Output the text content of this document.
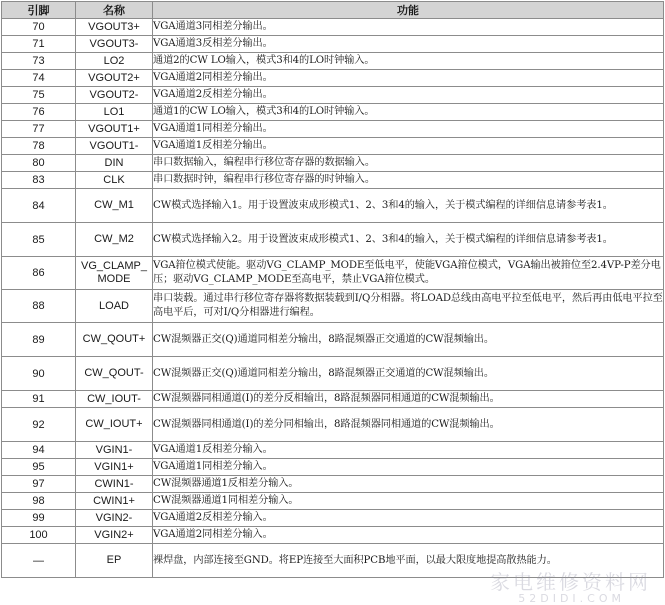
引脚	名称	功能
70	VGOUT3+	VGA通道3同相差分输出。
71	VGOUT3-	VGA通道3反相差分输出。
73	LO2	通道2的CW LO输入，模式3和4的LO时钟输入。
74	VGOUT2+	VGA通道2同相差分输出。
75	VGOUT2-	VGA通道2反相差分输出。
76	LO1	通道1的CW LO输入，模式3和4的LO时钟输入。
77	VGOUT1+	VGA通道1同相差分输出。
78	VGOUT1-	VGA通道1反相差分输出。
80	DIN	串口数据输入，编程串行移位寄存器的数据输入。
83	CLK	串口数据时钟，编程串行移位寄存器的时钟输入。
84	CW_M1	CW模式选择输入1。用于设置波束成形模式1、2、3和4的输入，关于模式编程的详细信息请参考表1。
85	CW_M2	CW模式选择输入2。用于设置波束成形模式1、2、3和4的输入，关于模式编程的详细信息请参考表1。
86	VG_CLAMP_ MODE	VGA箝位模式使能。驱动VG_CLAMP_MODE至低电平，使能VGA箝位模式，VGA输出被箝位至2.4VP-P差分电压；驱动VG_CLAMP_MODE至高电平，禁止VGA箝位模式。
88	LOAD	串口装载。通过串行移位寄存器将数据装载到I/Q分相器。将LOAD总线由高电平拉至低电平，然后再由低电平拉至高电平后，可对I/Q分相器进行编程。
89	CW_QOUT+	CW混频器正交(Q)通道同相差分输出，8路混频器正交通道的CW混频输出。
90	CW_QOUT-	CW混频器正交(Q)通道同相差分输出，8路混频器正交通道的CW混频输出。
91	CW_IOUT-	CW混频器同相通道(I)的差分反相输出，8路混频器同相通道的CW混频输出。
92	CW_IOUT+	CW混频器同相通道(I)的差分同相输出，8路混频器同相通道的CW混频输出。
94	VGIN1-	VGA通道1反相差分输入。
95	VGIN1+	VGA通道1同相差分输入。
97	CWIN1-	CW混频器通道1反相差分输入。
98	CWIN1+	CW混频器通道1同相差分输入。
99	VGIN2-	VGA通道2反相差分输入。
100	VGIN2+	VGA通道2同相差分输入。
—	EP	裸焊盘，内部连接至GND。将EP连接至大面积PCB地平面，以最大限度地提高散热能力。
家电维修资料网
52DIDI.COM
